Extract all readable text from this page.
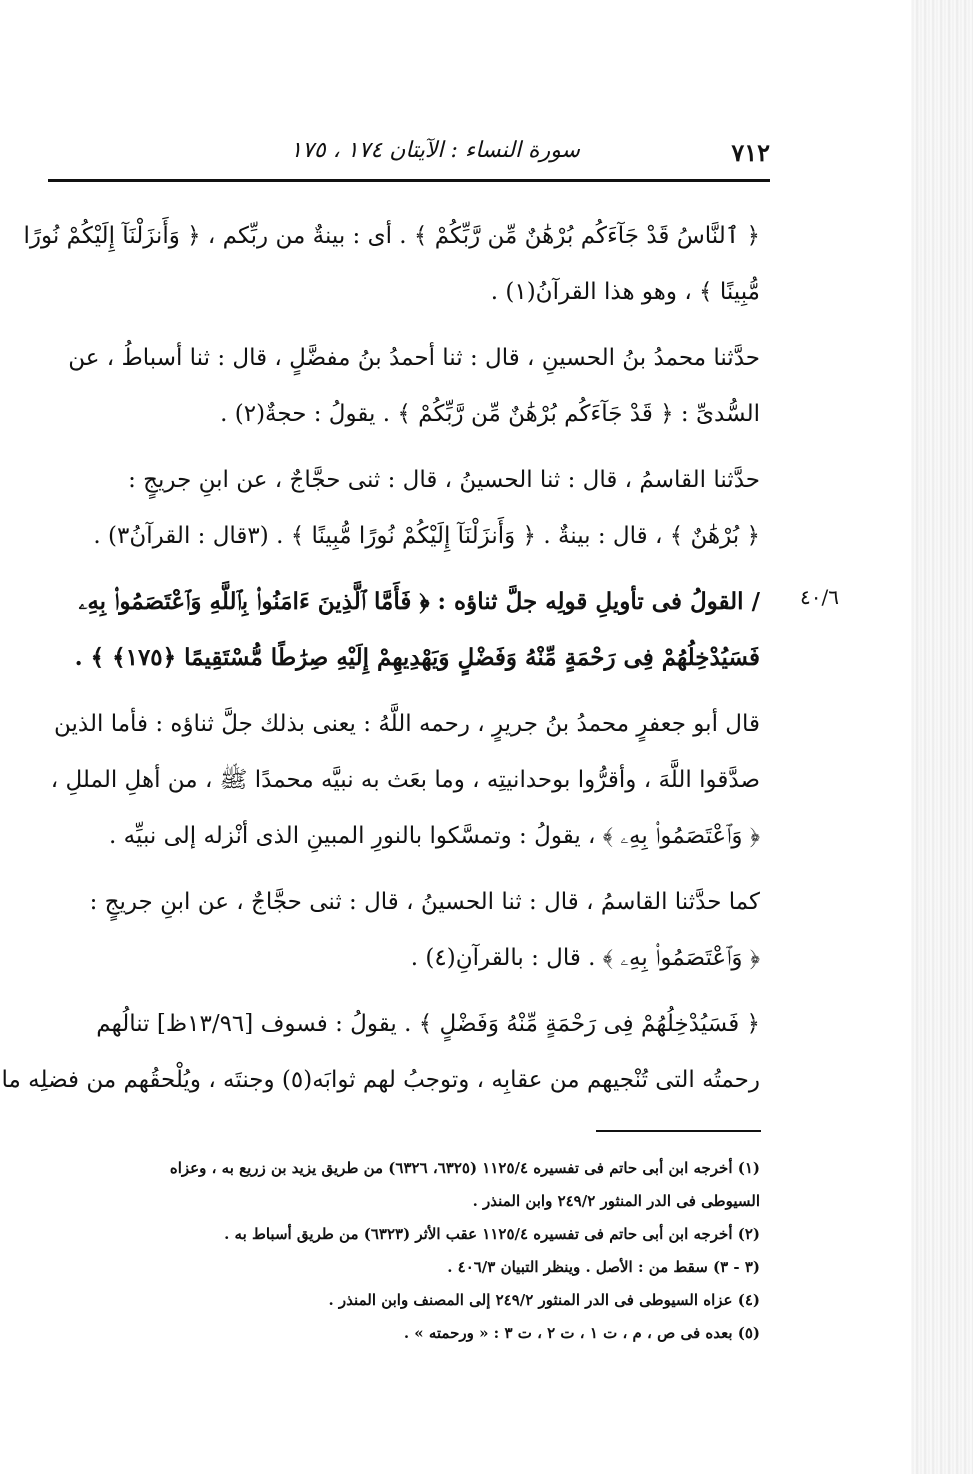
٧١٢
سورة النساء : الآيتان ١٧٤ ، ١٧٥
٤٠/٦

﴿ ٱلنَّاسُ قَدْ جَآءَكُم بُرْهَٰنٌ مِّن رَّبِّكُمْ ﴾ . أى : بينةٌ من ربِّكم ، ﴿ وَأَنزَلْنَآ إِلَيْكُمْ نُورًا
مُّبِينًا ﴾ ، وهو هذا القرآنُ(١) .

حدَّثنا محمدُ بنُ الحسينِ ، قال : ثنا أحمدُ بنُ مفضَّلٍ ، قال : ثنا أسباطُ ، عن
السُّدىِّ : ﴿ قَدْ جَآءَكُم بُرْهَٰنٌ مِّن رَّبِّكُمْ ﴾ . يقولُ : حجةٌ(٢) .

حدَّثنا القاسمُ ، قال : ثنا الحسينُ ، قال : ثنى حجَّاجٌ ، عن ابنِ جريجٍ :
﴿ بُرْهَٰنٌ ﴾ ، قال : بينةٌ . ﴿ وَأَنزَلْنَآ إِلَيْكُمْ نُورًا مُّبِينًا ﴾ . (٣قال : القرآنُ٣) .

/ القولُ فى تأويلِ قولِه جلَّ ثناؤه : ﴿ فَأَمَّا ٱلَّذِينَ ءَامَنُوا۟ بِٱللَّهِ وَٱعْتَصَمُوا۟ بِهِۦ
فَسَيُدْخِلُهُمْ فِى رَحْمَةٍ مِّنْهُ وَفَضْلٍ وَيَهْدِيهِمْ إِلَيْهِ صِرَٰطًا مُّسْتَقِيمًا ﴿١٧٥﴾ ﴾ .

قال أبو جعفرٍ محمدُ بنُ جريرٍ ، رحمه اللَّهُ : يعنى بذلك جلَّ ثناؤه : فأما الذين
صدَّقوا اللَّهَ ، وأقرُّوا بوحدانيتِه ، وما بعَث به نبيَّه محمدًا ﷺ ، من أهلِ المللِ ،
﴿ وَٱعْتَصَمُوا۟ بِهِۦ ﴾ ، يقولُ : وتمسَّكوا بالنورِ المبينِ الذى أنْزله إلى نبيِّه .

كما حدَّثنا القاسمُ ، قال : ثنا الحسينُ ، قال : ثنى حجَّاجٌ ، عن ابنِ جريجٍ :
﴿ وَٱعْتَصَمُوا۟ بِهِۦ ﴾ . قال : بالقرآنِ(٤) .

﴿ فَسَيُدْخِلُهُمْ فِى رَحْمَةٍ مِّنْهُ وَفَضْلٍ ﴾ . يقولُ : فسوف [١٣/٩٦ظ] تنالُهم
رحمتُه التى تُنْجيهم من عقابِه ، وتوجبُ لهم ثوابَه(٥) وجنتَه ، ويُلْحقُهم من فضلِه ما

(١) أخرجه ابن أبى حاتم فى تفسيره ١١٢٥/٤ (٦٣٢٥، ٦٣٢٦) من طريق يزيد بن زريع به ، وعزاه
السيوطى فى الدر المنثور ٢٤٩/٢ وابن المنذر .
(٢) أخرجه ابن أبى حاتم فى تفسيره ١١٢٥/٤ عقب الأثر (٦٣٢٣) من طريق أسباط به .
(٣ - ٣) سقط من : الأصل . وينظر التبيان ٤٠٦/٣ .
(٤) عزاه السيوطى فى الدر المنثور ٢٤٩/٢ إلى المصنف وابن المنذر .
(٥) بعده فى ص ، م ، ت ١ ، ت ٢ ، ت ٣ : « ورحمته » .
